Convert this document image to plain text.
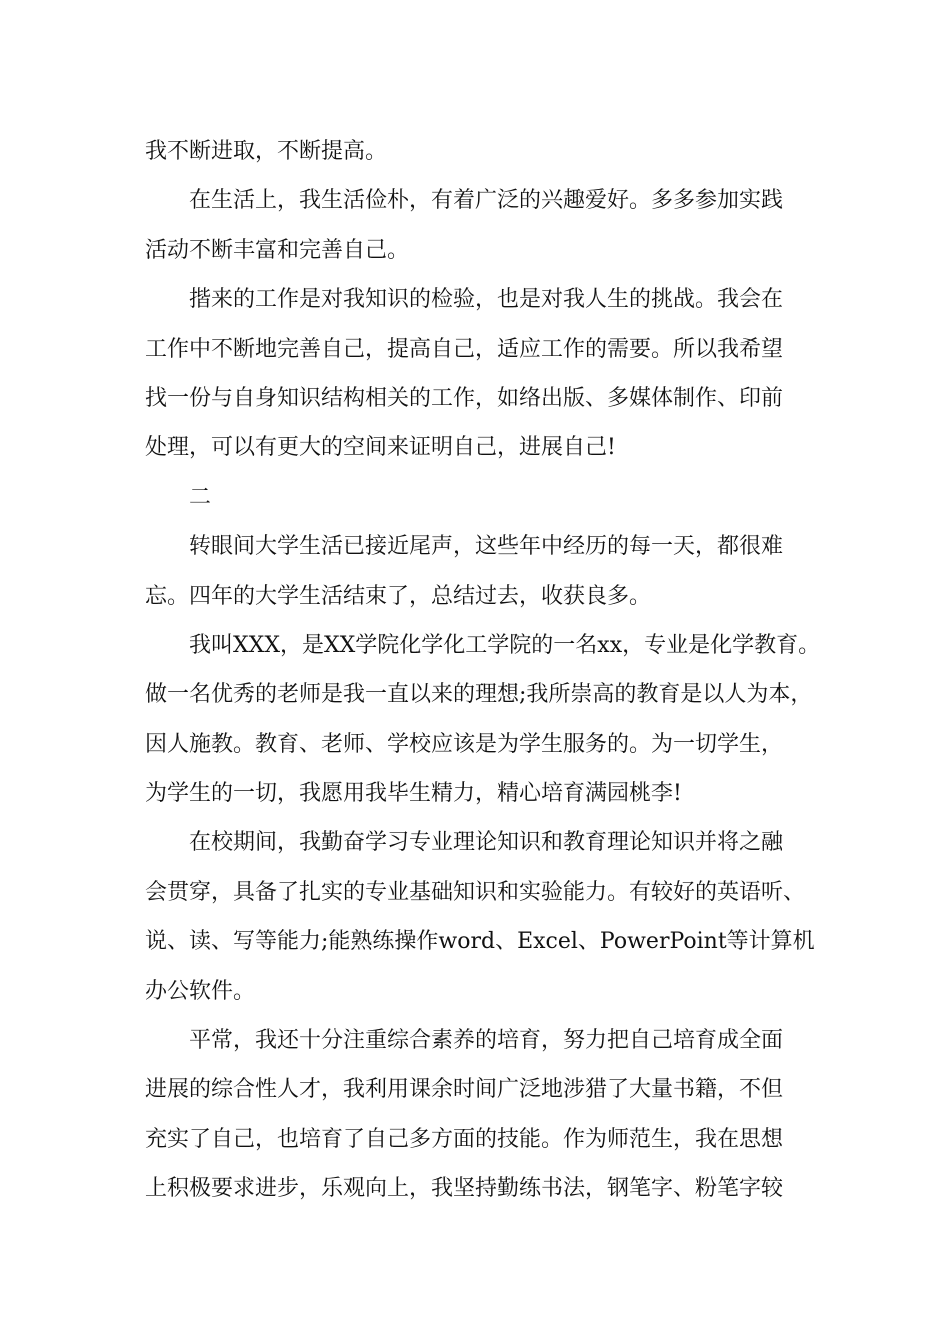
我不断进取，不断提高。
　　在生活上，我生活俭朴，有着广泛的兴趣爱好。多多参加实践
活动不断丰富和完善自己。
　　揩来的工作是对我知识的检验，也是对我人生的挑战。我会在
工作中不断地完善自己，提高自己，适应工作的需要。所以我希望
找一份与自身知识结构相关的工作，如络出版、多媒体制作、印前
处理，可以有更大的空间来证明自己，进展自己!
　　二
　　转眼间大学生活已接近尾声，这些年中经历的每一天，都很难
忘。四年的大学生活结束了，总结过去，收获良多。
　　我叫XXX，是XX学院化学化工学院的一名xx，专业是化学教育。
做一名优秀的老师是我一直以来的理想;我所崇高的教育是以人为本，
因人施教。教育、老师、学校应该是为学生服务的。为一切学生，
为学生的一切，我愿用我毕生精力，精心培育满园桃李!
　　在校期间，我勤奋学习专业理论知识和教育理论知识并将之融
会贯穿，具备了扎实的专业基础知识和实验能力。有较好的英语听、
说、读、写等能力;能熟练操作word、Excel、PowerPoint等计算机
办公软件。
　　平常，我还十分注重综合素养的培育，努力把自己培育成全面
进展的综合性人才，我利用课余时间广泛地涉猎了大量书籍，不但
充实了自己，也培育了自己多方面的技能。作为师范生，我在思想
上积极要求进步，乐观向上，我坚持勤练书法，钢笔字、粉笔字较
